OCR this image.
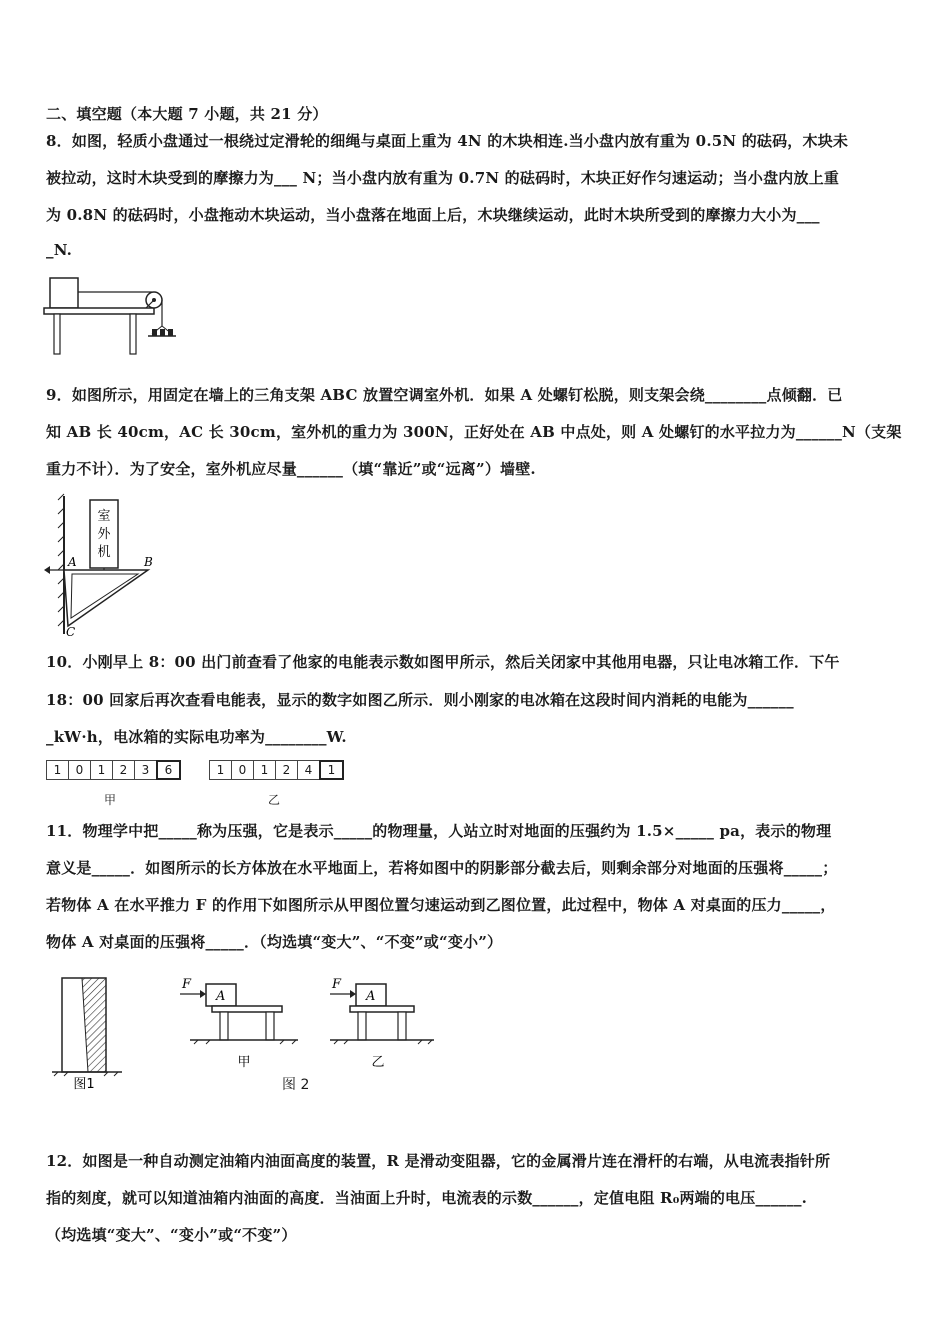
二、填空题（本大题 7 小题，共 21 分）
8．如图，轻质小盘通过一根绕过定滑轮的细绳与桌面上重为 4N 的木块相连.当小盘内放有重为 0.5N 的砝码，木块未
被拉动，这时木块受到的摩擦力为___ N；当小盘内放有重为 0.7N 的砝码时，木块正好作匀速运动；当小盘内放上重
为 0.8N 的砝码时，小盘拖动木块运动，当小盘落在地面上后，木块继续运动，此时木块所受到的摩擦力大小为___
_N.
9．如图所示，用固定在墙上的三角支架 ABC 放置空调室外机．如果 A 处螺钉松脱，则支架会绕________点倾翻．已
知 AB 长 40cm，AC 长 30cm，室外机的重力为 300N，正好处在 AB 中点处，则 A 处螺钉的水平拉力为______N（支架
重力不计）．为了安全，室外机应尽量______（填“靠近”或“远离”）墙壁.
室
外
机
A	B
C
10．小刚早上 8：00 出门前查看了他家的电能表示数如图甲所示，然后关闭家中其他用电器，只让电冰箱工作．下午
18：00 回家后再次查看电能表，显示的数字如图乙所示．则小刚家的电冰箱在这段时间内消耗的电能为______
_kW·h，电冰箱的实际电功率为________W.
1	0	1	2	3	6
甲
1	0	1	2	4	1
乙
11．物理学中把_____称为压强，它是表示_____的物理量，人站立时对地面的压强约为 1.5×_____ pa，表示的物理
意义是_____．如图所示的长方体放在水平地面上，若将如图中的阴影部分截去后，则剩余部分对地面的压强将_____；
若物体 A 在水平推力 F 的作用下如图所示从甲图位置匀速运动到乙图位置，此过程中，物体 A 对桌面的压力_____，
物体 A 对桌面的压强将_____．（均选填“变大”、“不变”或“变小”）
图1
F
A
甲
图 2
F
A
乙
12．如图是一种自动测定油箱内油面高度的装置，R 是滑动变阻器，它的金属滑片连在滑杆的右端，从电流表指针所
指的刻度，就可以知道油箱内油面的高度．当油面上升时，电流表的示数______，定值电阻 R₀两端的电压______.
（均选填“变大”、“变小”或“不变”）
